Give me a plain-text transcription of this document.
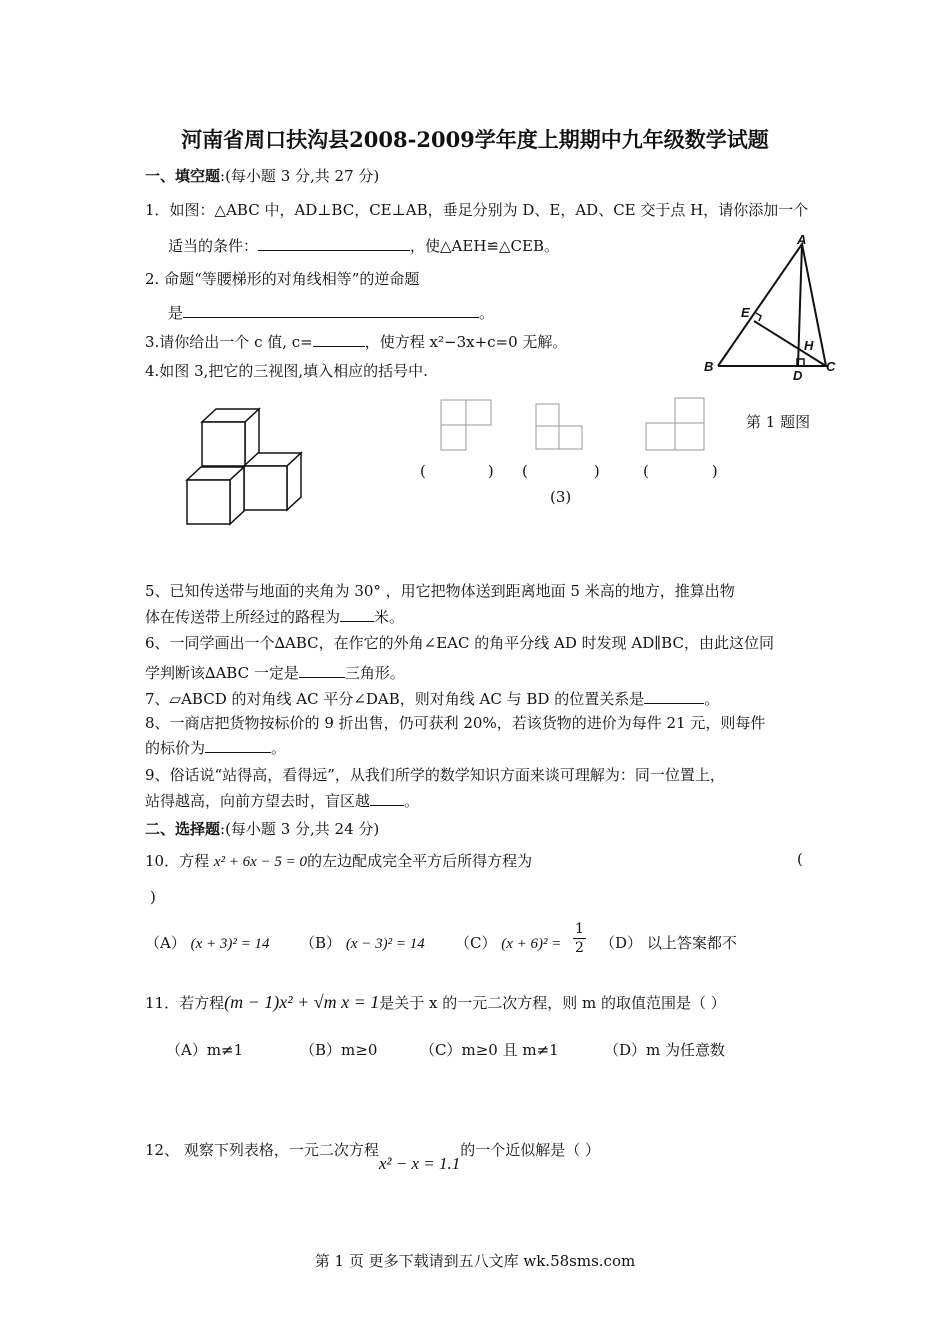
河南省周口扶沟县2008-2009学年度上期期中九年级数学试题
一、填空题:(每小题 3 分,共 27 分)
1．如图：△ABC 中，AD⊥BC，CE⊥AB，垂足分别为 D、E，AD、CE 交于点 H，请你添加一个
适当的条件：	，使△AEH≌△CEB。
2. 命题“等腰梯形的对角线相等”的逆命题
是	。
3.请你给出一个 c 值, c=	，使方程 x²−3x+c=0 无解。
4.如图 3,把它的三视图,填入相应的括号中.
A
E
H
B
D
C
第 1 题图
(	) (	)	(	)
(3)
5、已知传送带与地面的夹角为 30° ，用它把物体送到距离地面 5 米高的地方，推算出物
体在传送带上所经过的路程为 米。
6、一同学画出一个∆ABC，在作它的外角∠EAC 的角平分线 AD 时发现 AD∥BC，由此这位同
学判断该∆ABC 一定是	三角形。
7、▱ABCD 的对角线 AC 平分∠DAB，则对角线 AC 与 BD 的位置关系是	。
8、一商店把货物按标价的 9 折出售，仍可获利 20%，若该货物的进价为每件 21 元，则每件
的标价为	。
9、俗话说“站得高，看得远”，从我们所学的数学知识方面来谈可理解为：同一位置上，
站得越高，向前方望去时，盲区越 。
二、选择题:(每小题 3 分,共 24 分)
10．方程 x² + 6x − 5 = 0的左边配成完全平方后所得方程为	(
)
（A） (x + 3)² = 14 （B） (x − 3)² = 14 （C） $(x + 6)^2 = \frac{1}{2} (D)$ 以上答案都不
11．若方程(m − 1)x² + √m x = 1是关于 x 的一元二次方程，则 m 的取值范围是（ ）
（A）m≠1	（B）m≥0	（C）m≥0 且 m≠1	（D）m 为任意数
12、 观察下列表格，一元二次方程x² − x = 1.1的一个近似解是（ ）
第 1 页 更多下载请到五八文库 wk.58sms.com
